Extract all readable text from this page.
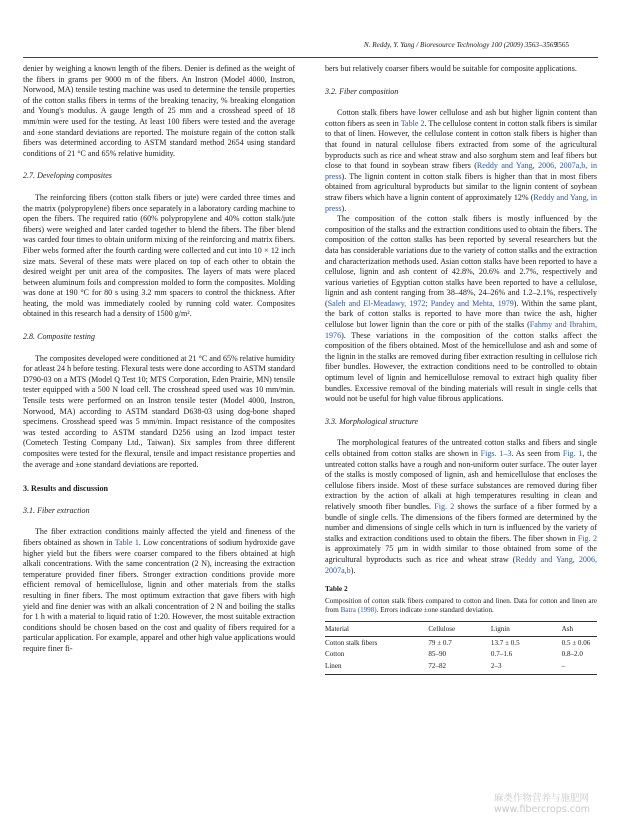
N. Reddy, Y. Yang / Bioresource Technology 100 (2009) 3563–3569
3565

denier by weighing a known length of the fibers. Denier is defined as the weight of the fibers in grams per 9000 m of the fibers. An Instron (Model 4000, Instron, Norwood, MA) tensile testing machine was used to determine the tensile properties of the cotton stalks fibers in terms of the breaking tenacity, % breaking elongation and Young's modulus. A gauge length of 25 mm and a crosshead speed of 18 mm/min were used for the testing. At least 100 fibers were tested and the average and ±one standard deviations are reported. The moisture regain of the cotton stalk fibers was determined according to ASTM standard method 2654 using standard conditions of 21 °C and 65% relative humidity.

2.7. Developing composites

The reinforcing fibers (cotton stalk fibers or jute) were carded three times and the matrix (polypropylene) fibers once separately in a laboratory carding machine to open the fibers. The required ratio (60% polypropylene and 40% cotton stalk/jute fibers) were weighed and later carded together to blend the fibers. The fiber blend was carded four times to obtain uniform mixing of the reinforcing and matrix fibers. Fiber webs formed after the fourth carding were collected and cut into 10 × 12 inch size mats. Several of these mats were placed on top of each other to obtain the desired weight per unit area of the composites. The layers of mats were placed between aluminum foils and compression molded to form the composites. Molding was done at 190 °C for 80 s using 3.2 mm spacers to control the thickness. After heating, the mold was immediately cooled by running cold water. Composites obtained in this research had a density of 1500 g/m².

2.8. Composite testing

The composites developed were conditioned at 21 °C and 65% relative humidity for atleast 24 h before testing. Flexural tests were done according to ASTM standard D790-03 on a MTS (Model Q Test 10; MTS Corporation, Eden Prairie, MN) tensile tester equipped with a 500 N load cell. The crosshead speed used was 10 mm/min. Tensile tests were performed on an Instron tensile tester (Model 4000, Instron, Norwood, MA) according to ASTM standard D638-03 using dog-bone shaped specimens. Crosshead speed was 5 mm/min. Impact resistance of the composites was tested according to ASTM standard D256 using an Izod impact tester (Cometech Testing Company Ltd., Taiwan). Six samples from three different composites were tested for the flexural, tensile and impact resistance properties and the average and ±one standard deviations are reported.

3. Results and discussion
3.1. Fiber extraction

The fiber extraction conditions mainly affected the yield and fineness of the fibers obtained as shown in Table 1. Low concentrations of sodium hydroxide gave higher yield but the fibers were coarser compared to the fibers obtained at high alkali concentrations. With the same concentration (2 N), increasing the extraction temperature provided finer fibers. Stronger extraction conditions provide more efficient removal of hemicellulose, lignin and other materials from the stalks resulting in finer fibers. The most optimum extraction that gave fibers with high yield and fine denier was with an alkali concentration of 2 N and boiling the stalks for 1 h with a material to liquid ratio of 1:20. However, the most suitable extraction conditions should be chosen based on the cost and quality of fibers required for a particular application. For example, apparel and other high value applications would require finer fi-

bers but relatively coarser fibers would be suitable for composite applications.

3.2. Fiber composition

Cotton stalk fibers have lower cellulose and ash but higher lignin content than cotton fibers as seen in Table 2. The cellulose content in cotton stalk fibers is similar to that of linen. However, the cellulose content in cotton stalk fibers is higher than that found in natural cellulose fibers extracted from some of the agricultural byproducts such as rice and wheat straw and also sorghum stem and leaf fibers but close to that found in soybean straw fibers (Reddy and Yang, 2006, 2007a,b, in press). The lignin content in cotton stalk fibers is higher than that in most fibers obtained from agricultural byproducts but similar to the lignin content of soybean straw fibers which have a lignin content of approximately 12% (Reddy and Yang, in press).

The composition of the cotton stalk fibers is mostly influenced by the composition of the stalks and the extraction conditions used to obtain the fibers. The composition of the cotton stalks has been reported by several researchers but the data has considerable variations due to the variety of cotton stalks and the extraction and characterization methods used. Asian cotton stalks have been reported to have a cellulose, lignin and ash content of 42.8%, 20.6% and 2.7%, respectively and various varieties of Egyptian cotton stalks have been reported to have a cellulose, lignin and ash content ranging from 38–48%, 24–26% and 1.2–2.1%, respectively (Saleh and El-Meadawy, 1972; Pandey and Mehta, 1979). Within the same plant, the bark of cotton stalks is reported to have more than twice the ash, higher cellulose but lower lignin than the core or pith of the stalks (Fahmy and Ibrahim, 1976). These variations in the composition of the cotton stalks affect the composition of the fibers obtained. Most of the hemicellulose and ash and some of the lignin in the stalks are removed during fiber extraction resulting in cellulose rich fiber bundles. However, the extraction conditions need to be controlled to obtain optimum level of lignin and hemicellulose removal to extract high quality fiber bundles. Excessive removal of the binding materials will result in single cells that would not be useful for high value fibrous applications.

3.3. Morphological structure

The morphological features of the untreated cotton stalks and fibers and single cells obtained from cotton stalks are shown in Figs. 1–3. As seen from Fig. 1, the untreated cotton stalks have a rough and non-uniform outer surface. The outer layer of the stalks is mostly composed of lignin, ash and hemicellulose that encloses the cellulose fibers inside. Most of these surface substances are removed during fiber extraction by the action of alkali at high temperatures resulting in clean and relatively smooth fiber bundles. Fig. 2 shows the surface of a fiber formed by a bundle of single cells. The dimensions of the fibers formed are determined by the number and dimensions of single cells which in turn is influenced by the variety of stalks and extraction conditions used to obtain the fibers. The fiber shown in Fig. 2 is approximately 75 μm in width similar to those obtained from some of the agricultural byproducts such as rice and wheat straw (Reddy and Yang, 2006, 2007a,b).

Table 2
Composition of cotton stalk fibers compared to cotton and linen. Data for cotton and linen are from Batra (1998). Errors indicate ±one standard deviation.
Material	Cellulose	Lignin	Ash
Cotton stalk fibers	79 ± 0.7	13.7 ± 0.5	0.5 ± 0.06
Cotton	85–90	0.7–1.6	0.8–2.0
Linen	72–82	2–3	–
麻类作物营养与施肥网
www.fibercrops.com
